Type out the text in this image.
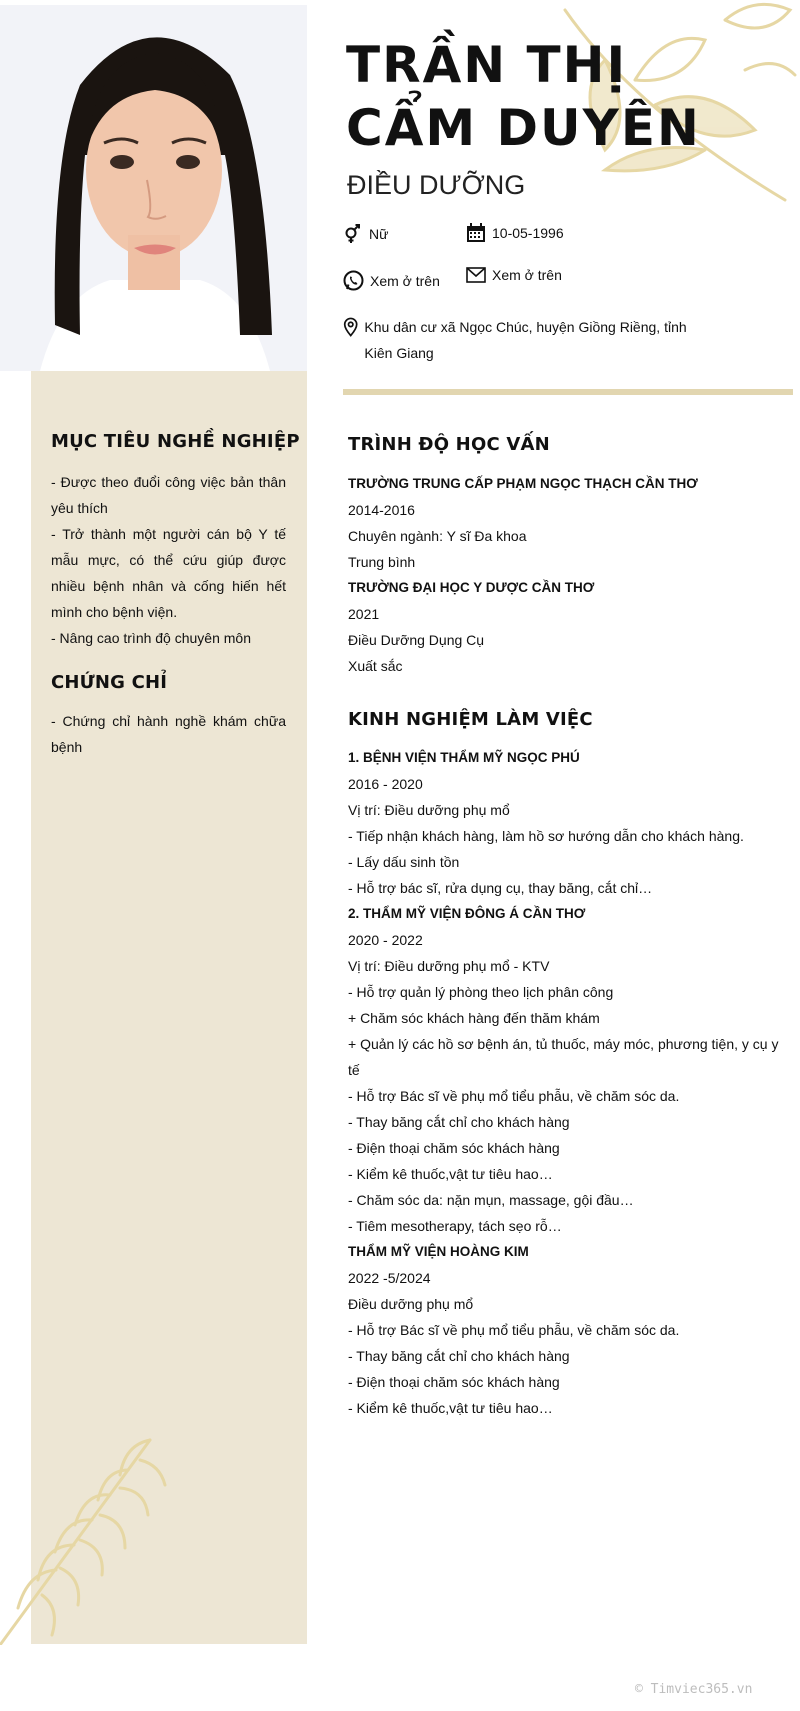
TRẦN THỊ CẨM DUYÊN
ĐIỀU DƯỠNG
Nữ	10-05-1996
Xem ở trên	Xem ở trên
Khu dân cư xã Ngọc Chúc, huyện Giồng Riềng, tỉnh Kiên Giang
MỤC TIÊU NGHỀ NGHIỆP
- Được theo đuổi công việc bản thân yêu thích
- Trở thành một người cán bộ Y tế mẫu mực, có thể cứu giúp được nhiều bệnh nhân và cống hiến hết mình cho bệnh viện.
- Nâng cao trình độ chuyên môn
CHỨNG CHỈ
- Chứng chỉ hành nghề khám chữa bệnh
TRÌNH ĐỘ HỌC VẤN
TRƯỜNG TRUNG CẤP PHẠM NGỌC THẠCH CẦN THƠ
2014-2016
Chuyên ngành: Y sĩ Đa khoa
Trung bình
TRƯỜNG ĐẠI HỌC Y DƯỢC CẦN THƠ
2021
Điều Dưỡng Dụng Cụ
Xuất sắc
KINH NGHIỆM LÀM VIỆC
1. BỆNH VIỆN THẨM MỸ NGỌC PHÚ
2016 - 2020
Vị trí: Điều dưỡng phụ mổ
- Tiếp nhận khách hàng, làm hồ sơ hướng dẫn cho khách hàng.
- Lấy dấu sinh tồn
- Hỗ trợ bác sĩ, rửa dụng cụ, thay băng, cắt chỉ…
2. THẨM MỸ VIỆN ĐÔNG Á CẦN THƠ
2020 - 2022
Vị trí: Điều dưỡng phụ mổ - KTV
- Hỗ trợ quản lý phòng theo lịch phân công
+ Chăm sóc khách hàng đến thăm khám
+ Quản lý các hồ sơ bệnh án, tủ thuốc, máy móc, phương tiện, y cụ y tế
- Hỗ trợ Bác sĩ về phụ mổ tiểu phẫu, về chăm sóc da.
- Thay băng cắt chỉ cho khách hàng
- Điện thoại chăm sóc khách hàng
- Kiểm kê thuốc,vật tư tiêu hao…
- Chăm sóc da: nặn mụn, massage, gội đầu…
- Tiêm mesotherapy, tách sẹo rỗ…
THẨM MỸ VIỆN HOÀNG KIM
2022 -5/2024
Điều dưỡng phụ mổ
- Hỗ trợ Bác sĩ về phụ mổ tiểu phẫu, về chăm sóc da.
- Thay băng cắt chỉ cho khách hàng
- Điện thoại chăm sóc khách hàng
- Kiểm kê thuốc,vật tư tiêu hao…
© Timviec365.vn
